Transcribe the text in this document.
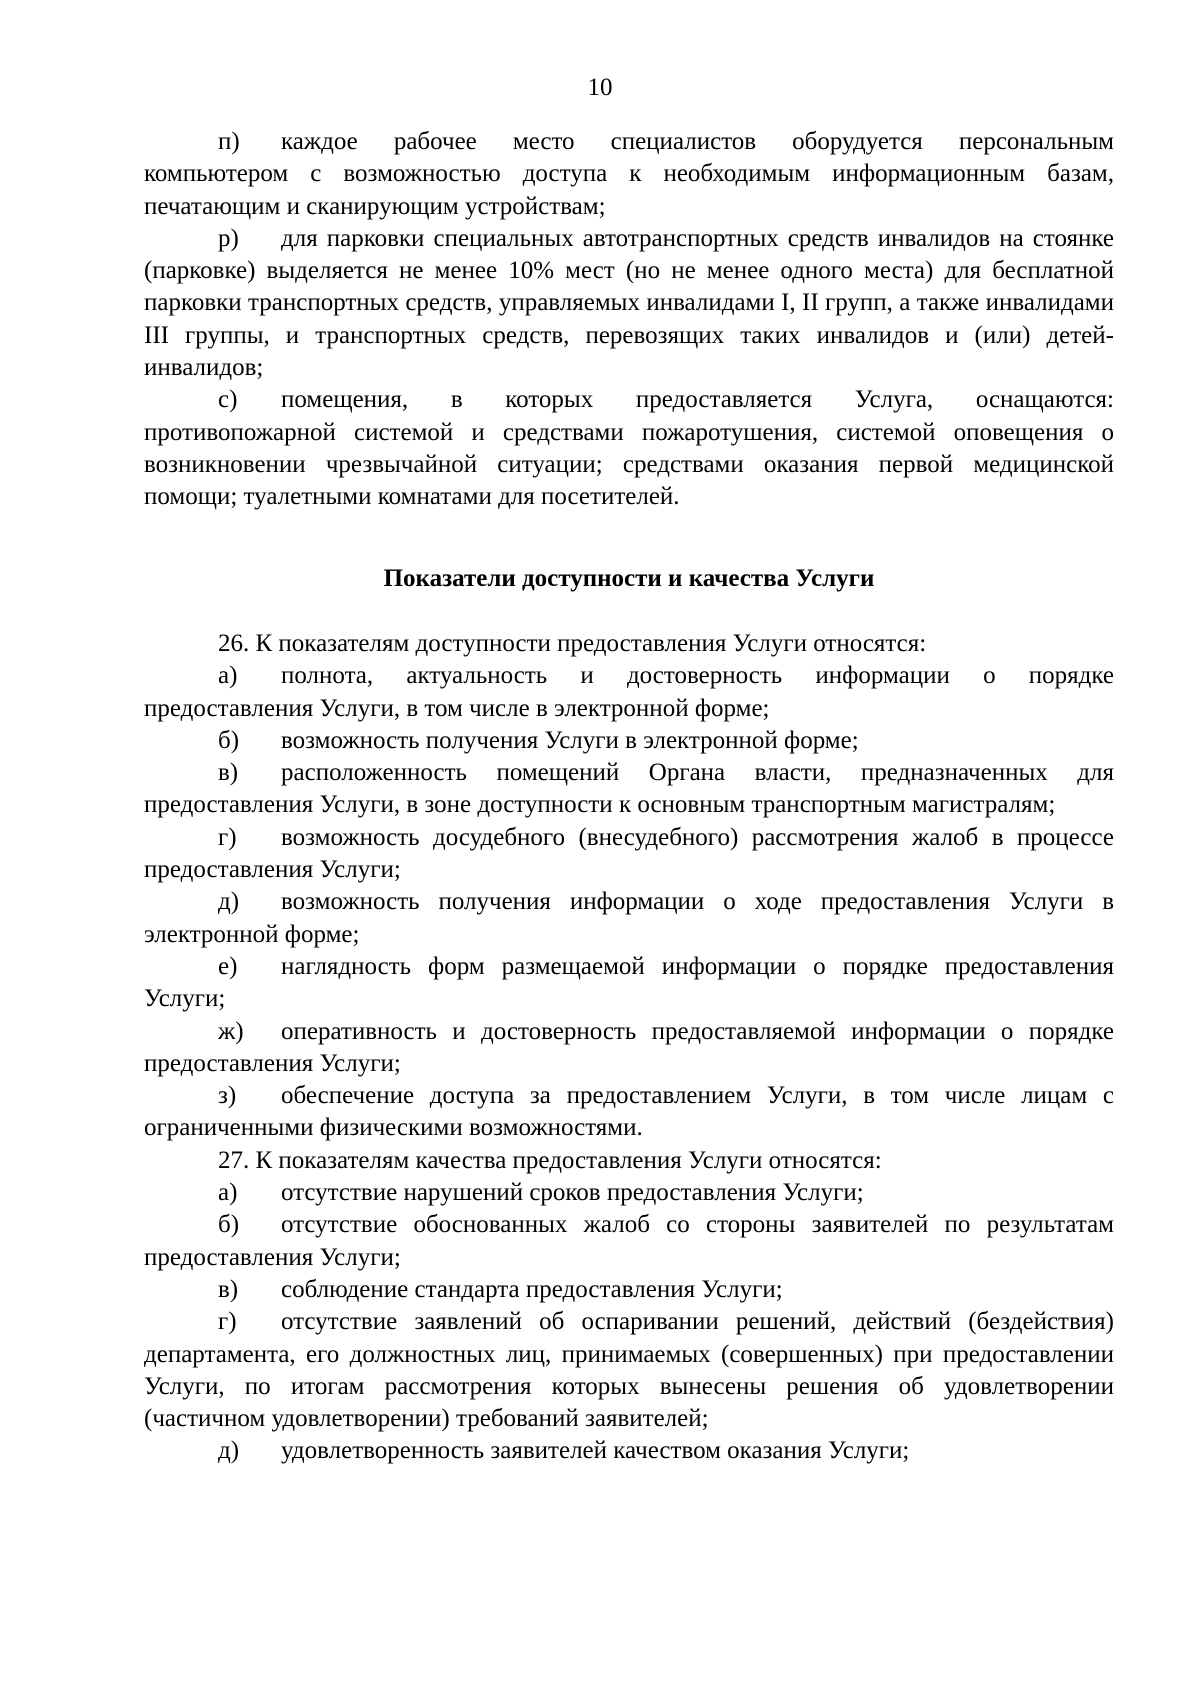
10

п) каждое рабочее место специалистов оборудуется персональным компьютером с возможностью доступа к необходимым информационным базам, печатающим и сканирующим устройствам;

р) для парковки специальных автотранспортных средств инвалидов на стоянке (парковке) выделяется не менее 10% мест (но не менее одного места) для бесплатной парковки транспортных средств, управляемых инвалидами I, II групп, а также инвалидами III группы, и транспортных средств, перевозящих таких инвалидов и (или) детей-инвалидов;

с) помещения, в которых предоставляется Услуга, оснащаются: противопожарной системой и средствами пожаротушения, системой оповещения о возникновении чрезвычайной ситуации; средствами оказания первой медицинской помощи; туалетными комнатами для посетителей.

Показатели доступности и качества Услуги

26. К показателям доступности предоставления Услуги относятся:

а) полнота, актуальность и достоверность информации о порядке предоставления Услуги, в том числе в электронной форме;

б) возможность получения Услуги в электронной форме;

в) расположенность помещений Органа власти, предназначенных для предоставления Услуги, в зоне доступности к основным транспортным магистралям;

г) возможность досудебного (внесудебного) рассмотрения жалоб в процессе предоставления Услуги;

д) возможность получения информации о ходе предоставления Услуги в электронной форме;

е) наглядность форм размещаемой информации о порядке предоставления Услуги;

ж) оперативность и достоверность предоставляемой информации о порядке предоставления Услуги;

з) обеспечение доступа за предоставлением Услуги, в том числе лицам с ограниченными физическими возможностями.

27. К показателям качества предоставления Услуги относятся:

а) отсутствие нарушений сроков предоставления Услуги;

б) отсутствие обоснованных жалоб со стороны заявителей по результатам предоставления Услуги;

в) соблюдение стандарта предоставления Услуги;

г) отсутствие заявлений об оспаривании решений, действий (бездействия) департамента, его должностных лиц, принимаемых (совершенных) при предоставлении Услуги, по итогам рассмотрения которых вынесены решения об удовлетворении (частичном удовлетворении) требований заявителей;

д) удовлетворенность заявителей качеством оказания Услуги;
